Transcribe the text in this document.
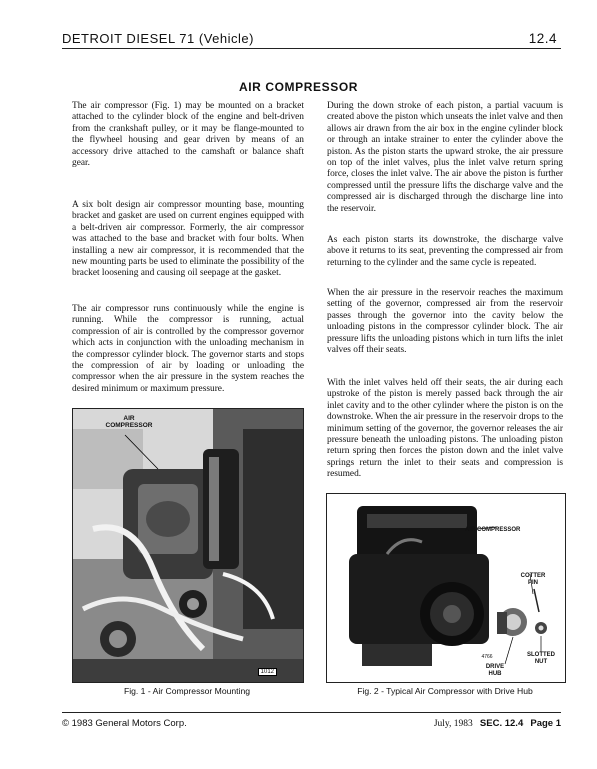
DETROIT DIESEL 71 (Vehicle)	12.4
AIR COMPRESSOR

The air compressor (Fig. 1) may be mounted on a bracket attached to the cylinder block of the engine and belt-driven from the crankshaft pulley, or it may be flange-mounted to the flywheel housing and gear driven by means of an accessory drive attached to the camshaft or balance shaft gear.

A six bolt design air compressor mounting base, mounting bracket and gasket are used on current engines equipped with a belt-driven air compressor. Formerly, the air compressor was attached to the base and bracket with four bolts. When installing a new air compressor, it is recommended that the new mounting parts be used to eliminate the possibility of the bracket loosening and causing oil seepage at the gasket.

The air compressor runs continuously while the engine is running. While the compressor is running, actual compression of air is controlled by the compressor governor which acts in conjunction with the unloading mechanism in the compressor cylinder block. The governor starts and stops the compression of air by loading or unloading the compressor when the air pressure in the system reaches the desired minimum or maximum pressure.

During the down stroke of each piston, a partial vacuum is created above the piston which unseats the inlet valve and then allows air drawn from the air box in the engine cylinder block or through an intake strainer to enter the cylinder above the piston. As the piston starts the upward stroke, the air pressure on top of the inlet valves, plus the inlet valve return spring force, closes the inlet valve. The air above the piston is further compressed until the pressure lifts the discharge valve and the compressed air is discharged through the discharge line into the reservoir.

As each piston starts its downstroke, the discharge valve above it returns to its seat, preventing the compressed air from returning to the cylinder and the same cycle is repeated.

When the air pressure in the reservoir reaches the maximum setting of the governor, compressed air from the reservoir passes through the governor into the cavity below the unloading pistons in the compressor cylinder block. The air pressure lifts the unloading pistons which in turn lifts the inlet valves off their seats.

With the inlet valves held off their seats, the air during each upstroke of the piston is merely passed back through the air inlet cavity and to the other cylinder where the piston is on the downstroke. When the air pressure in the reservoir drops to the minimum setting of the governor, the governor releases the air pressure beneath the unloading pistons. The unloading piston return spring then forces the piston down and the inlet valve springs return the inlet to their seats and compression is resumed.

AIR
COMPRESSOR
1012
Fig. 1 - Air Compressor Mounting
AIR COMPRESSOR
COTTER
PIN
SLOTTED
NUT
DRIVE
HUB
4766
Fig. 2 - Typical Air Compressor with Drive Hub
© 1983 General Motors Corp.	July, 1983 SEC. 12.4 Page 1
